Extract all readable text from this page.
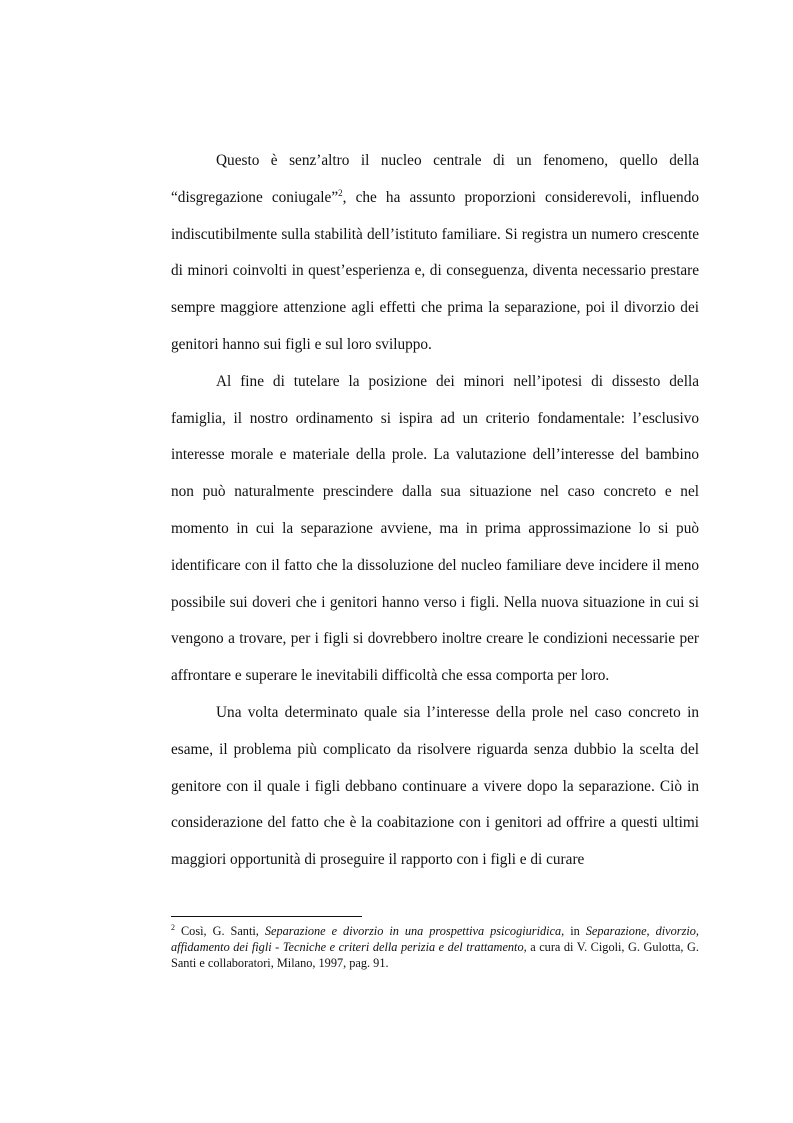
Questo è senz’altro il nucleo centrale di un fenomeno, quello della “disgregazione coniugale”$^2$, che ha assunto proporzioni considerevoli, influendo indiscutibilmente sulla stabilità dell’istituto familiare. Si registra un numero crescente di minori coinvolti in quest’esperienza e, di conseguenza, diventa necessario prestare sempre maggiore attenzione agli effetti che prima la separazione, poi il divorzio dei genitori hanno sui figli e sul loro sviluppo.

Al fine di tutelare la posizione dei minori nell’ipotesi di dissesto della famiglia, il nostro ordinamento si ispira ad un criterio fondamentale: l’esclusivo interesse morale e materiale della prole. La valutazione dell’interesse del bambino non può naturalmente prescindere dalla sua situazione nel caso concreto e nel momento in cui la separazione avviene, ma in prima approssimazione lo si può identificare con il fatto che la dissoluzione del nucleo familiare deve incidere il meno possibile sui doveri che i genitori hanno verso i figli. Nella nuova situazione in cui si vengono a trovare, per i figli si dovrebbero inoltre creare le condizioni necessarie per affrontare e superare le inevitabili difficoltà che essa comporta per loro.

Una volta determinato quale sia l’interesse della prole nel caso concreto in esame, il problema più complicato da risolvere riguarda senza dubbio la scelta del genitore con il quale i figli debbano continuare a vivere dopo la separazione. Ciò in considerazione del fatto che è la coabitazione con i genitori ad offrire a questi ultimi maggiori opportunità di proseguire il rapporto con i figli e di curare

$^2$ Così, G. Santi, Separazione e divorzio in una prospettiva psicogiuridica, in Separazione, divorzio, affidamento dei figli - Tecniche e criteri della perizia e del trattamento, a cura di V. Cigoli, G. Gulotta, G. Santi e collaboratori, Milano, 1997, pag. 91.
